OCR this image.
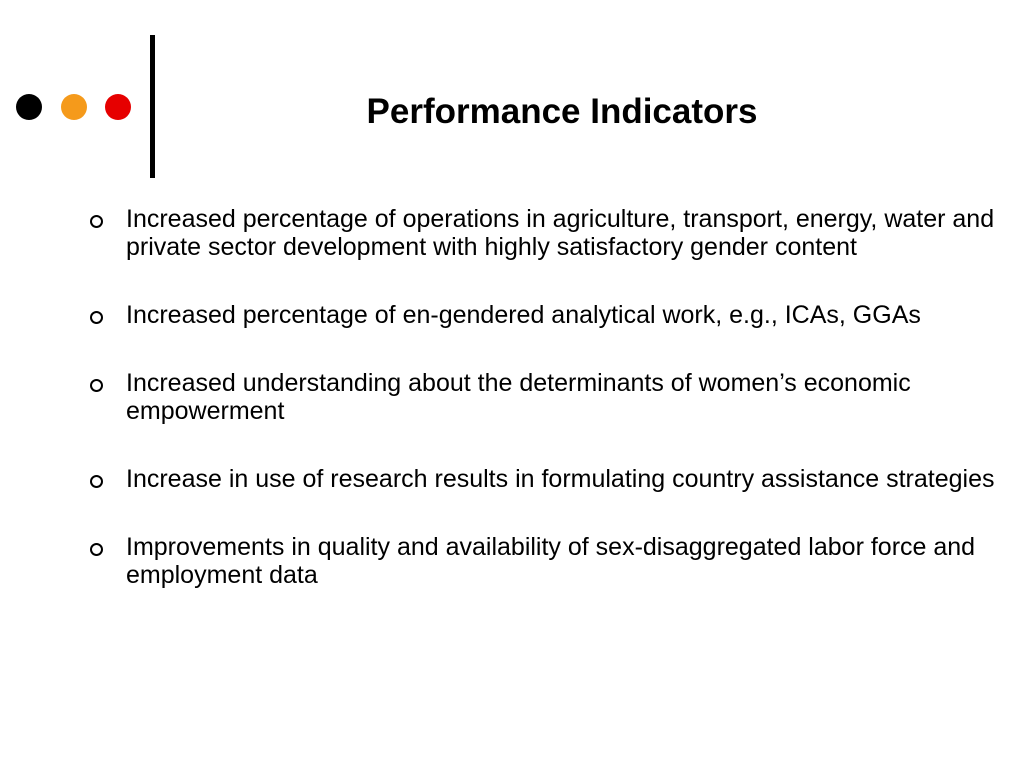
Performance Indicators
Increased percentage of operations in agriculture, transport, energy, water and private sector development with highly satisfactory gender content
Increased percentage of en-gendered analytical work, e.g., ICAs, GGAs
Increased understanding about the determinants of women’s economic empowerment
Increase in use of research results in formulating country assistance strategies
Improvements in quality and availability of sex-disaggregated labor force and employment data
